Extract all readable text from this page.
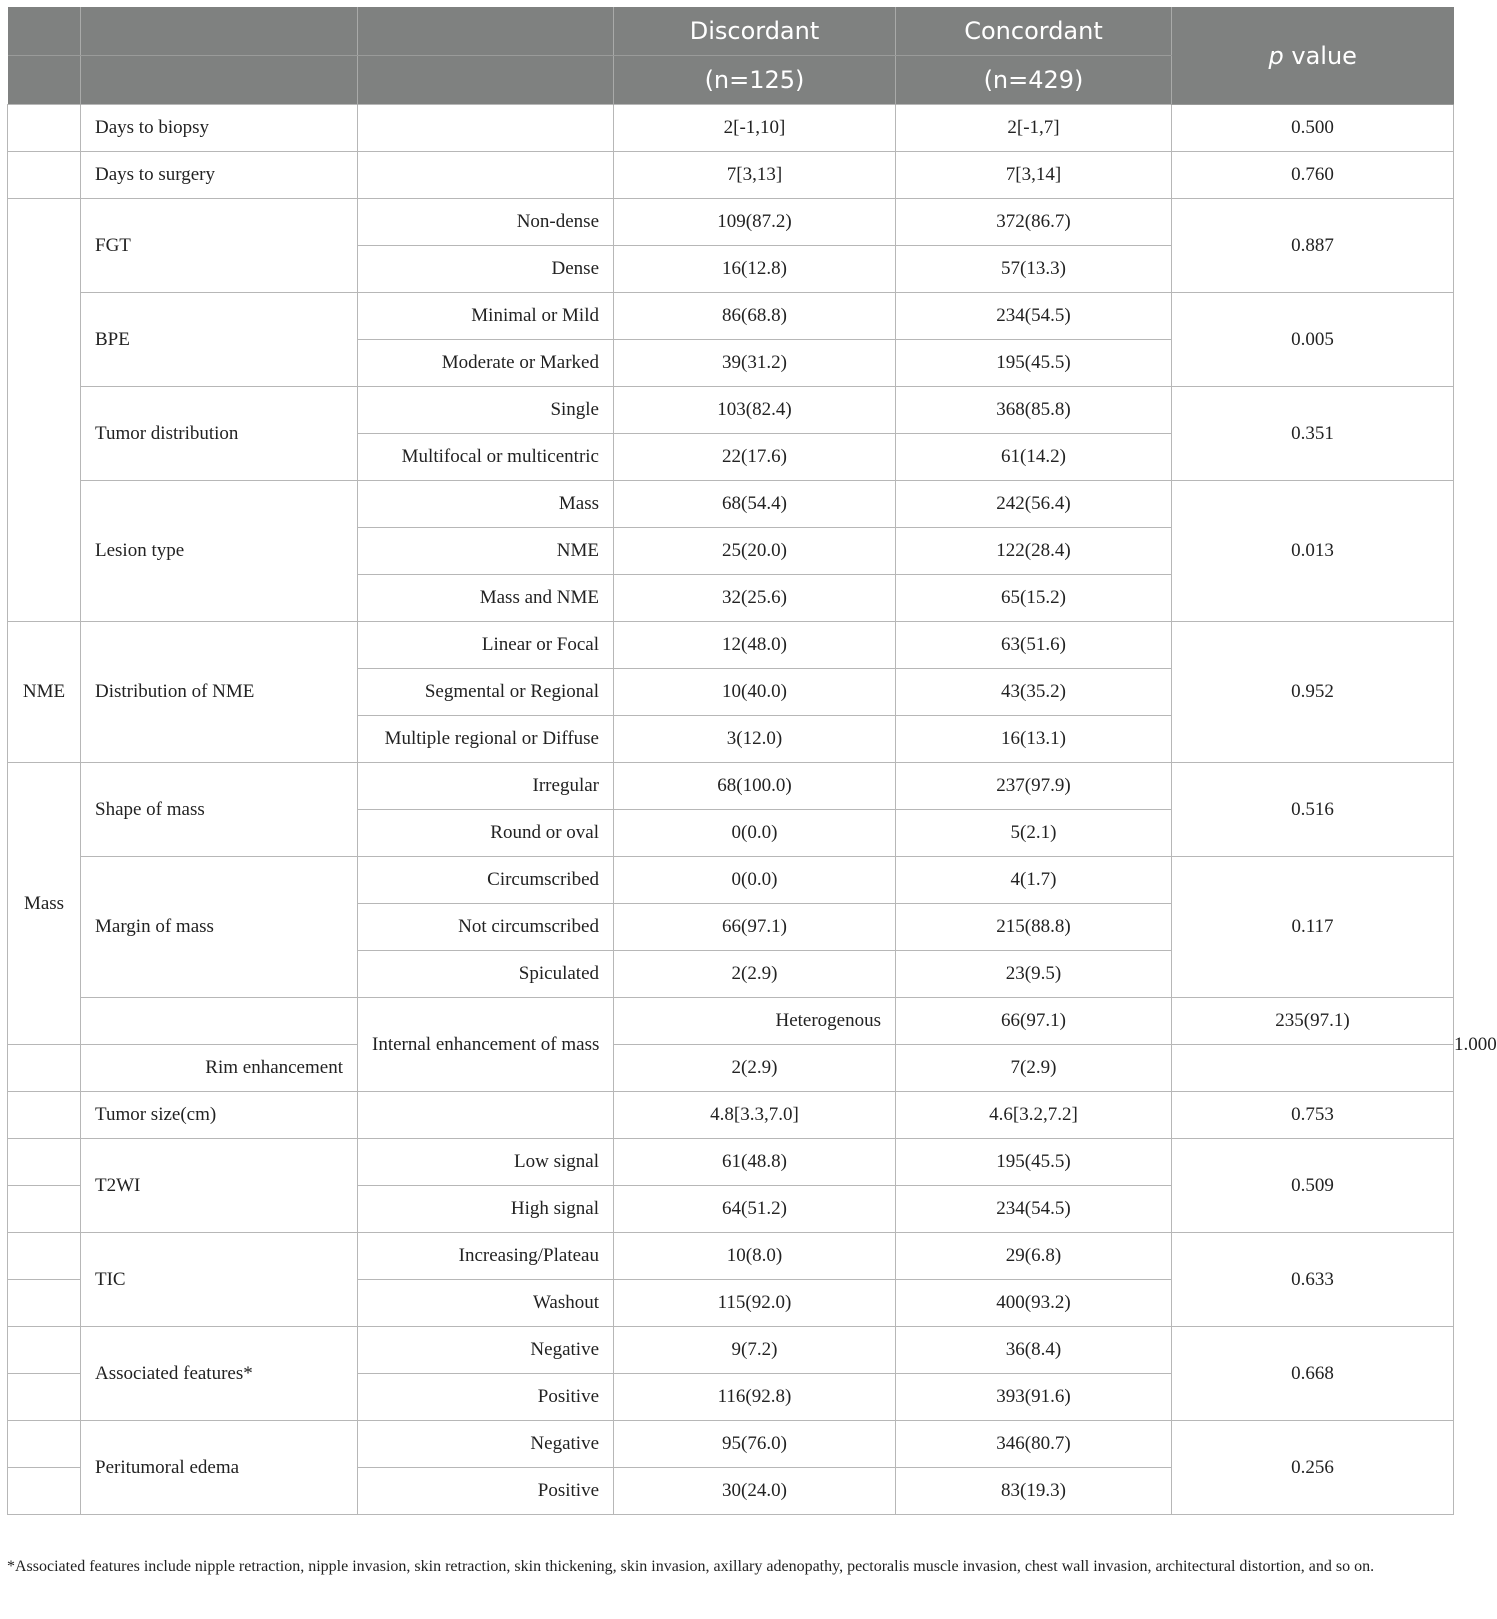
			Discordant	Concordant	p value	
			(n=125)	(n=429)		
	Days to biopsy		2[-1,10]	2[-1,7]	0.500	
	Days to surgery		7[3,13]	7[3,14]	0.760	
	FGT	Non-dense	109(87.2)	372(86.7)	0.887	
		Dense	16(12.8)	57(13.3)		
	BPE	Minimal or Mild	86(68.8)	234(54.5)	0.005	
		Moderate or Marked	39(31.2)	195(45.5)		
	Tumor distribution	Single	103(82.4)	368(85.8)	0.351	
		Multifocal or multicentric	22(17.6)	61(14.2)		
	Lesion type	Mass	68(54.4)	242(56.4)	0.013	
		NME	25(20.0)	122(28.4)		
		Mass and NME	32(25.6)	65(15.2)		
NME	Distribution of NME	Linear or Focal	12(48.0)	63(51.6)	0.952	
		Segmental or Regional	10(40.0)	43(35.2)		
		Multiple regional or Diffuse	3(12.0)	16(13.1)		
Mass	Shape of mass	Irregular	68(100.0)	237(97.9)	0.516	
		Round or oval	0(0.0)	5(2.1)		
	Margin of mass	Circumscribed	0(0.0)	4(1.7)	0.117	
		Not circumscribed	66(97.1)	215(88.8)		
		Spiculated	2(2.9)	23(9.5)		
		Internal enhancement of mass	Heterogenous	66(97.1)	235(97.1)	1.000
	Rim enhancement		2(2.9)	7(2.9)		
	Tumor size(cm)		4.8[3.3,7.0]	4.6[3.2,7.2]	0.753	
	T2WI	Low signal	61(48.8)	195(45.5)	0.509	
		High signal	64(51.2)	234(54.5)		
	TIC	Increasing/Plateau	10(8.0)	29(6.8)	0.633	
		Washout	115(92.0)	400(93.2)		
	Associated features*	Negative	9(7.2)	36(8.4)	0.668	
		Positive	116(92.8)	393(91.6)		
	Peritumoral edema	Negative	95(76.0)	346(80.7)	0.256	
		Positive	30(24.0)	83(19.3)		
*Associated features include nipple retraction, nipple invasion, skin retraction, skin thickening, skin invasion, axillary adenopathy, pectoralis muscle invasion, chest wall invasion, architectural distortion, and so on.
